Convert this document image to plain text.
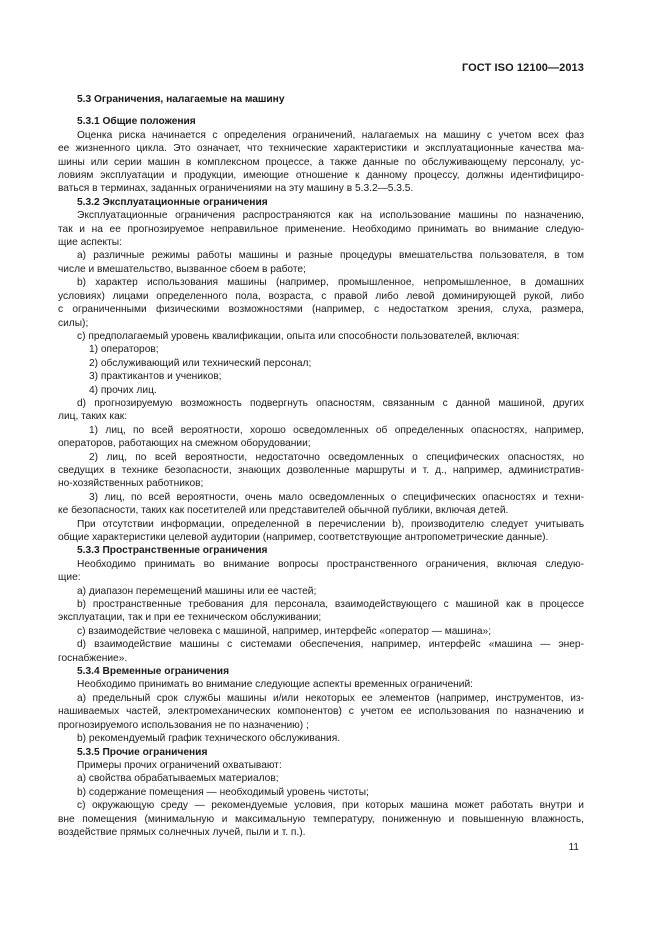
ГОСТ ISO 12100—2013

5.3 Ограничения, налагаемые на машину

5.3.1 Общие положения

Оценка риска начинается с определения ограничений, налагаемых на машину с учетом всех фаз

ее жизненного цикла. Это означает, что технические характеристики и эксплуатационные качества ма-

шины или серии машин в комплексном процессе, а также данные по обслуживающему персоналу, ус-

ловиям эксплуатации и продукции, имеющие отношение к данному процессу, должны идентифициро-

ваться в терминах, заданных ограничениями на эту машину в 5.3.2—5.3.5.

5.3.2 Эксплуатационные ограничения

Эксплуатационные ограничения распространяются как на использование машины по назначению,

так и на ее прогнозируемое неправильное применение. Необходимо принимать во внимание следую-

щие аспекты:

а) различные режимы работы машины и разные процедуры вмешательства пользователя, в том

числе и вмешательство, вызванное сбоем в работе;

b) характер использования машины (например, промышленное, непромышленное, в домашних

условиях) лицами определенного пола, возраста, с правой либо левой доминирующей рукой, либо

с ограниченными физическими возможностями (например, с недостатком зрения, слуха, размера,

силы);

c) предполагаемый уровень квалификации, опыта или способности пользователей, включая:

1) операторов;

2) обслуживающий или технический персонал;

3) практикантов и учеников;

4) прочих лиц.

d) прогнозируемую возможность подвергнуть опасностям, связанным с данной машиной, других

лиц, таких как:

1) лиц, по всей вероятности, хорошо осведомленных об определенных опасностях, например,

операторов, работающих на смежном оборудовании;

2) лиц, по всей вероятности, недостаточно осведомленных о специфических опасностях, но

сведущих в технике безопасности, знающих дозволенные маршруты и т. д., например, административ-

но-хозяйственных работников;

3) лиц, по всей вероятности, очень мало осведомленных о специфических опасностях и техни-

ке безопасности, таких как посетителей или представителей обычной публики, включая детей.

При отсутствии информации, определенной в перечислении b), производителю следует учитывать

общие характеристики целевой аудитории (например, соответствующие антропометрические данные).

5.3.3 Пространственные ограничения

Необходимо принимать во внимание вопросы пространственного ограничения, включая следую-

щие:

a) диапазон перемещений машины или ее частей;

b) пространственные требования для персонала, взаимодействующего с машиной как в процессе

эксплуатации, так и при ее техническом обслуживании;

c) взаимодействие человека с машиной, например, интерфейс «оператор — машина»;

d) взаимодействие машины с системами обеспечения, например, интерфейс «машина — энер-

госнабжение».

5.3.4 Временные ограничения

Необходимо принимать во внимание следующие аспекты временных ограничений:

a) предельный срок службы машины и/или некоторых ее элементов (например, инструментов, из-

нашиваемых частей, электромеханических компонентов) с учетом ее использования по назначению и

прогнозируемого использования не по назначению) ;

b) рекомендуемый график технического обслуживания.

5.3.5 Прочие ограничения

Примеры прочих ограничений охватывают:

a) свойства обрабатываемых материалов;

b) содержание помещения — необходимый уровень чистоты;

c) окружающую среду — рекомендуемые условия, при которых машина может работать внутри и

вне помещения (минимальную и максимальную температуру, пониженную и повышенную влажность,

воздействие прямых солнечных лучей, пыли и т. п.).

11
